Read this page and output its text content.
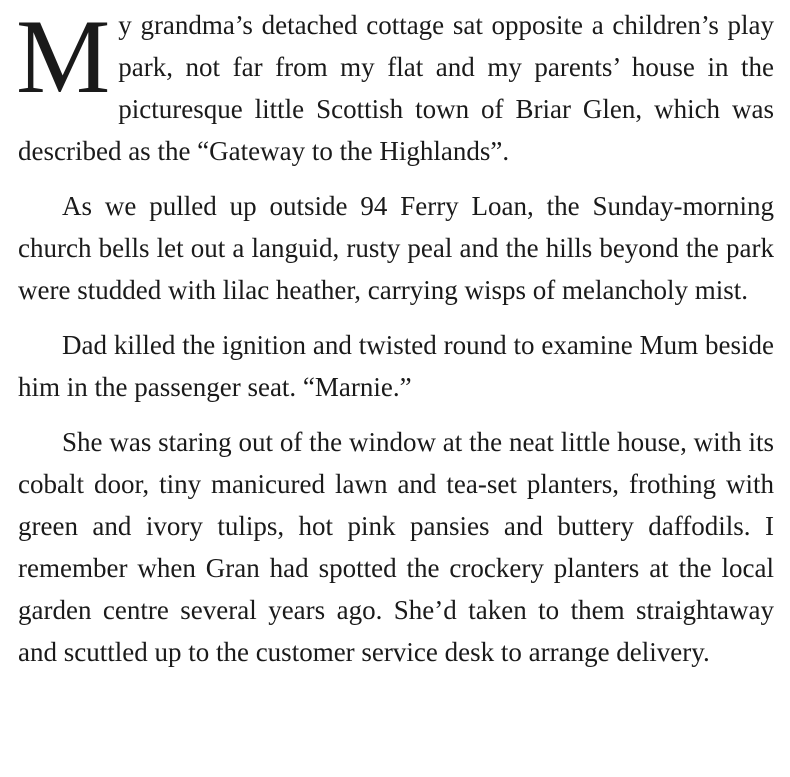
My grandma’s detached cottage sat opposite a children’s play park, not far from my flat and my parents’ house in the picturesque little Scottish town of Briar Glen, which was described as the “Gateway to the Highlands”.

As we pulled up outside 94 Ferry Loan, the Sunday-morning church bells let out a languid, rusty peal and the hills beyond the park were studded with lilac heather, carrying wisps of melancholy mist.

Dad killed the ignition and twisted round to examine Mum beside him in the passenger seat. “Marnie.”

She was staring out of the window at the neat little house, with its cobalt door, tiny manicured lawn and tea-set planters, frothing with green and ivory tulips, hot pink pansies and buttery daffodils. I remember when Gran had spotted the crockery planters at the local garden centre several years ago. She’d taken to them straightaway and scuttled up to the customer service desk to arrange delivery.
